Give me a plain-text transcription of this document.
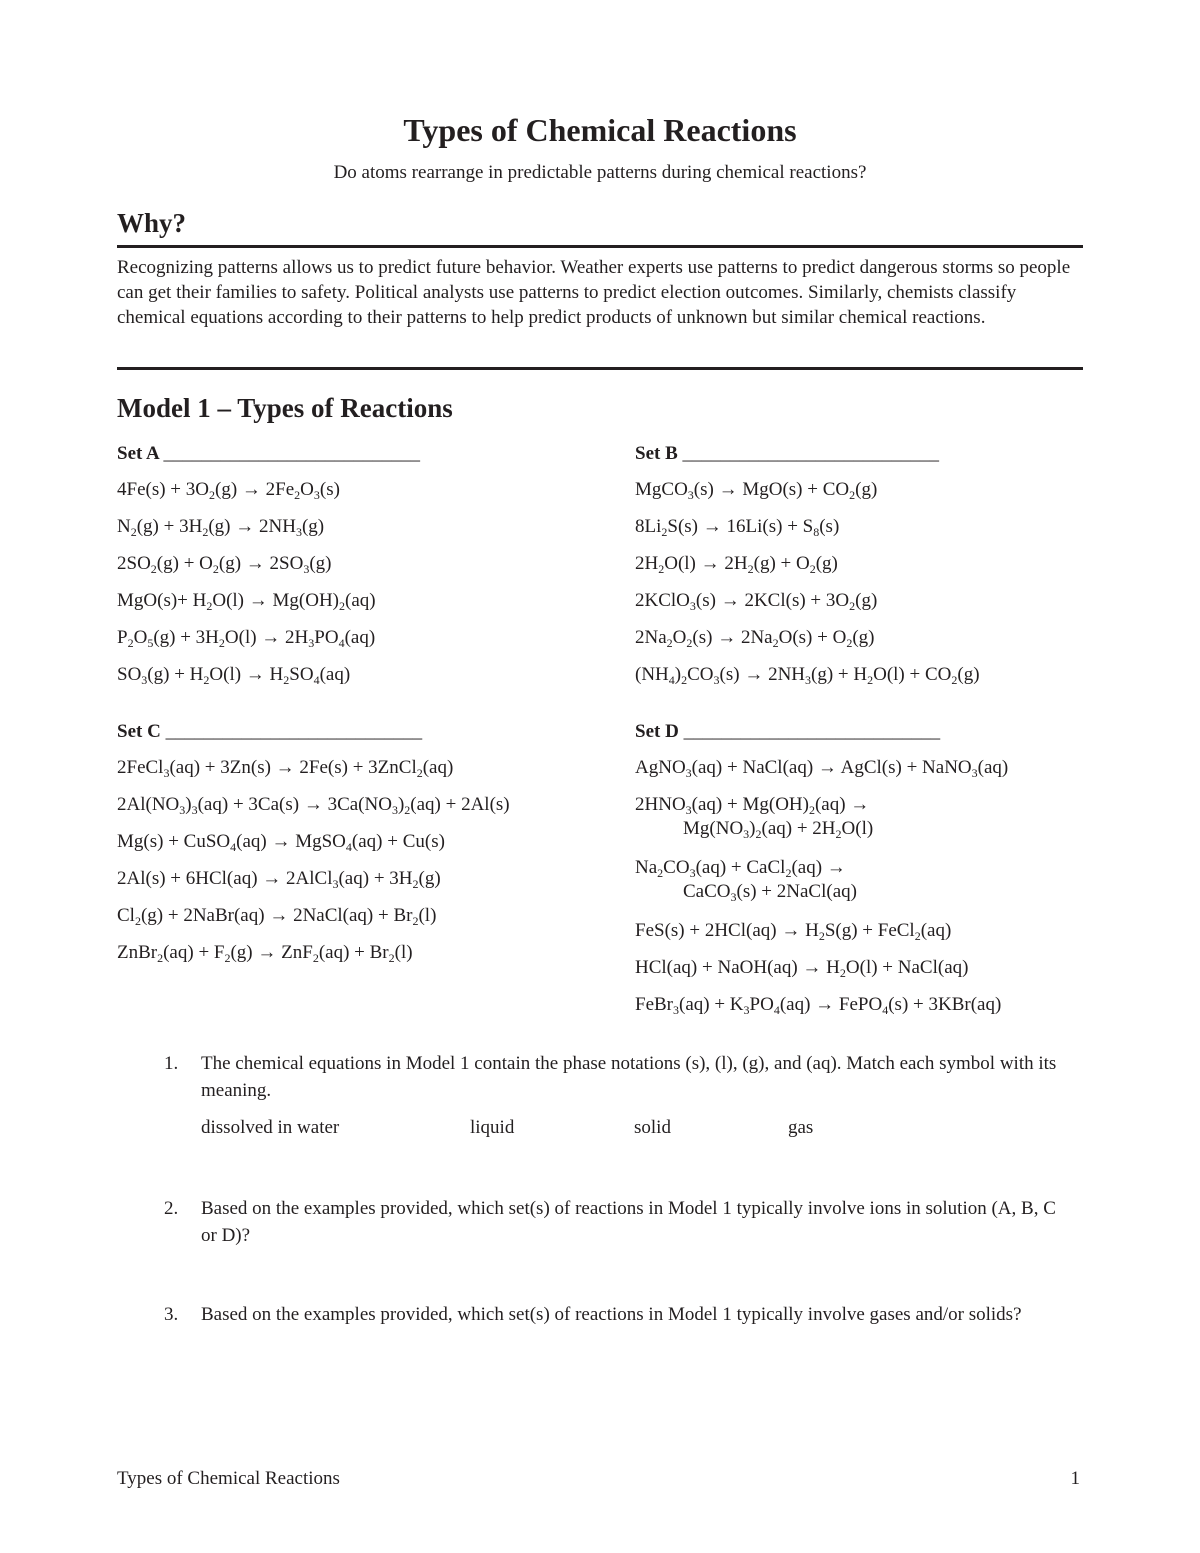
Types of Chemical Reactions
Do atoms rearrange in predictable patterns during chemical reactions?
Why?
Recognizing patterns allows us to predict future behavior. Weather experts use patterns to predict dangerous storms so people can get their families to safety. Political analysts use patterns to predict election outcomes. Similarly, chemists classify chemical equations according to their patterns to help predict products of unknown but similar chemical reactions.
Model 1 – Types of Reactions
Set A ___________________________
$4Fe(s) + 3O_2(g) \to 2Fe_2O_3(s)$
$N_2(g) + 3H_2(g) \to 2NH_3(g)$
$2SO_2(g) + O_2(g) \to 2SO_3(g)$
$MgO(s)+ H_2O(l) \to Mg(OH)_2(aq)$
$P_2O_5(g) + 3H_2O(l) \to 2H_3PO_4(aq)$
$SO_3(g) + H_2O(l) \to H_2SO_4(aq)$
Set B ___________________________
MgCO$_3$(s) → $MgO(s) + CO_2(g)$
$8Li_2S(s) \to 16Li(s) + S_8(s)$
$2H_2O(l) \to 2H_2(g) + O_2(g)$
2KClO$_3$(s) → $2KCl(s) + 3O_2(g)$
$2Na_2O_2(s) \to 2Na_2O(s) + O_2(g)$
$(NH_4)_2CO_3(s) \to 2NH_3(g) + H_2O(l) + CO_2(g)$
Set C ___________________________
2FeCl$_3$(aq) + 3Zn(s) → 2Fe(s) + 3ZnCl$_2$(aq)
$2Al(NO_3)_3(aq) + 3Ca(s) \to 3Ca(NO_3)_2(aq) + 2Al(s)$
Mg(s) + CuSO$_4$(aq) → MgSO$_4$(aq) + Cu(s)
2Al(s) + 6HCl(aq) → 2AlCl$_3$(aq) + $3H_2(g)$
$Cl_2(g)$ + 2NaBr(aq) → 2NaCl(aq) + $Br_2(l)$
ZnBr$_2$(aq) + $F_2(g) \to ZnF_2(aq) + Br_2(l)$
Set D ___________________________
AgNO$_3$(aq) + NaCl(aq) → AgCl(s) + NaNO$_3$(aq)
$2HNO_3(aq) + Mg(OH)_2(aq)$ →
$Mg(NO_3)_2(aq) + 2H_2O(l)$
$Na_2CO_3(aq)$ + CaCl$_2$(aq) →
CaCO$_3$(s) + 2NaCl(aq)
$FeS(s) + 2HCl(aq) \to H_2S(g)$ + FeCl$_2$(aq)
HCl(aq) + NaOH(aq) → $H_2O(l)$ + NaCl(aq)
FeBr$_3$(aq) + $K_3PO_4(aq)$ → FePO$_4$(s) + 3KBr(aq)
1. The chemical equations in Model 1 contain the phase notations (s), (l), (g), and (aq). Match each symbol with its meaning.
dissolved in water	liquid	solid	gas
2. Based on the examples provided, which set(s) of reactions in Model 1 typically involve ions in solution (A, B, C or D)?
3. Based on the examples provided, which set(s) of reactions in Model 1 typically involve gases and/or solids?
Types of Chemical Reactions	1
